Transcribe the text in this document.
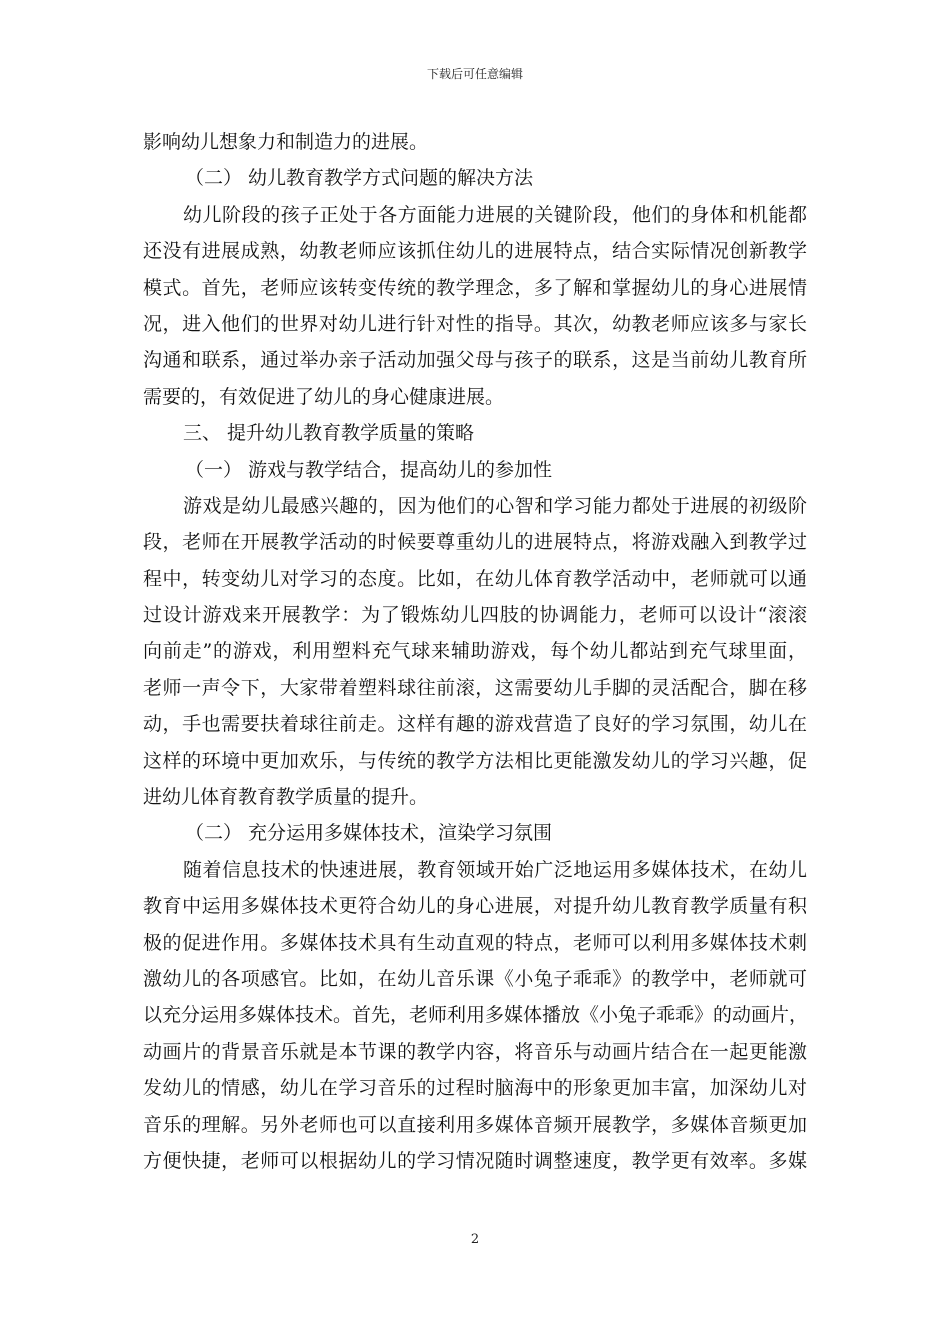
下载后可任意编辑
影响幼儿想象力和制造力的进展。
（二） 幼儿教育教学方式问题的解决方法
幼儿阶段的孩子正处于各方面能力进展的关键阶段，他们的身体和机能都
还没有进展成熟，幼教老师应该抓住幼儿的进展特点，结合实际情况创新教学
模式。首先，老师应该转变传统的教学理念，多了解和掌握幼儿的身心进展情
况，进入他们的世界对幼儿进行针对性的指导。其次，幼教老师应该多与家长
沟通和联系，通过举办亲子活动加强父母与孩子的联系，这是当前幼儿教育所
需要的，有效促进了幼儿的身心健康进展。
三、 提升幼儿教育教学质量的策略
（一） 游戏与教学结合，提高幼儿的参加性
游戏是幼儿最感兴趣的，因为他们的心智和学习能力都处于进展的初级阶
段，老师在开展教学活动的时候要尊重幼儿的进展特点，将游戏融入到教学过
程中，转变幼儿对学习的态度。比如，在幼儿体育教学活动中，老师就可以通
过设计游戏来开展教学：为了锻炼幼儿四肢的协调能力，老师可以设计“滚滚
向前走”的游戏，利用塑料充气球来辅助游戏，每个幼儿都站到充气球里面，
老师一声令下，大家带着塑料球往前滚，这需要幼儿手脚的灵活配合，脚在移
动，手也需要扶着球往前走。这样有趣的游戏营造了良好的学习氛围，幼儿在
这样的环境中更加欢乐，与传统的教学方法相比更能激发幼儿的学习兴趣，促
进幼儿体育教育教学质量的提升。
（二） 充分运用多媒体技术，渲染学习氛围
随着信息技术的快速进展，教育领域开始广泛地运用多媒体技术，在幼儿
教育中运用多媒体技术更符合幼儿的身心进展，对提升幼儿教育教学质量有积
极的促进作用。多媒体技术具有生动直观的特点，老师可以利用多媒体技术刺
激幼儿的各项感官。比如，在幼儿音乐课《小兔子乖乖》的教学中，老师就可
以充分运用多媒体技术。首先，老师利用多媒体播放《小兔子乖乖》的动画片，
动画片的背景音乐就是本节课的教学内容，将音乐与动画片结合在一起更能激
发幼儿的情感，幼儿在学习音乐的过程时脑海中的形象更加丰富，加深幼儿对
音乐的理解。另外老师也可以直接利用多媒体音频开展教学，多媒体音频更加
方便快捷，老师可以根据幼儿的学习情况随时调整速度，教学更有效率。多媒
2
